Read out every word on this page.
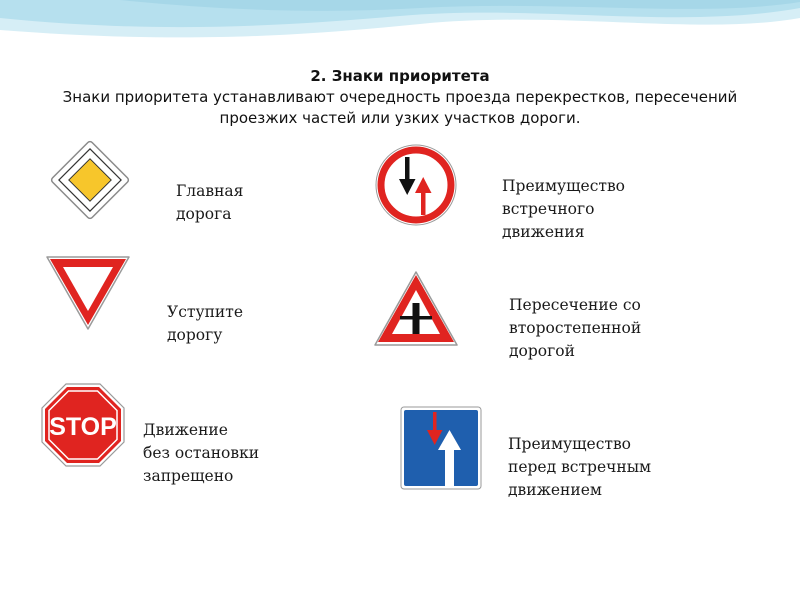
2. Знаки приоритета
Знаки приоритета устанавливают очередность проезда перекрестков, пересечений проезжих частей или узких участков дороги.

Главная
дорога

Преимущество
встречного
движения

Уступите
дорогу

Пересечение со
второстепенной
дорогой

STOP Движение
без остановки
запрещено

Преимущество
перед встречным
движением
